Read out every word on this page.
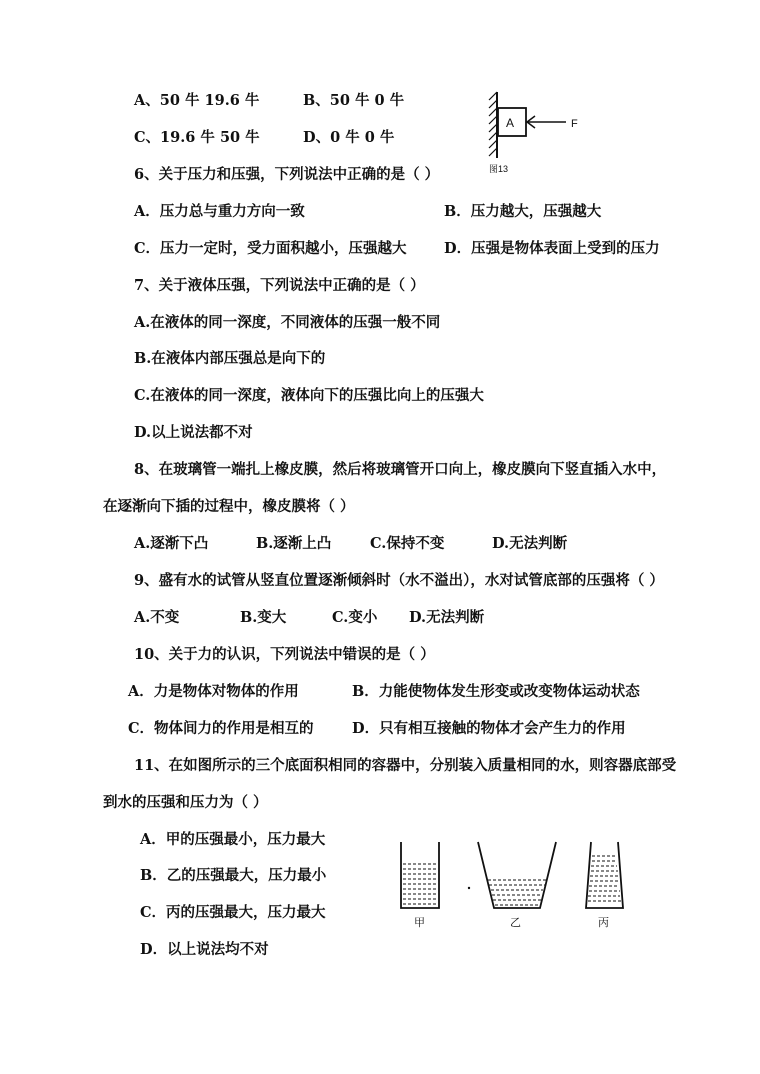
A、50 牛 19.6 牛	B、50 牛 0 牛
C、19.6 牛 50 牛	D、0 牛 0 牛
A	F
图13
6、关于压力和压强，下列说法中正确的是（ ）
A．压力总与重力方向一致	B．压力越大，压强越大
C．压力一定时，受力面积越小，压强越大	D．压强是物体表面上受到的压力
7、关于液体压强，下列说法中正确的是（ ）
A.在液体的同一深度，不同液体的压强一般不同
B.在液体内部压强总是向下的
C.在液体的同一深度，液体向下的压强比向上的压强大
D.以上说法都不对
8、在玻璃管一端扎上橡皮膜，然后将玻璃管开口向上，橡皮膜向下竖直插入水中，
在逐渐向下插的过程中，橡皮膜将（ ）
A.逐渐下凸	B.逐渐上凸	C.保持不变	D.无法判断
9、盛有水的试管从竖直位置逐渐倾斜时（水不溢出），水对试管底部的压强将（ ）
A.不变	B.变大	C.变小 D.无法判断
10、关于力的认识，下列说法中错误的是（ ）
A．力是物体对物体的作用	B．力能使物体发生形变或改变物体运动状态
C．物体间力的作用是相互的	D．只有相互接触的物体才会产生力的作用
11、在如图所示的三个底面积相同的容器中，分别装入质量相同的水，则容器底部受
到水的压强和压力为（ ）
A．甲的压强最小，压力最大
B．乙的压强最大，压力最小
C．丙的压强最大，压力最大
D．以上说法均不对
甲	乙	丙
